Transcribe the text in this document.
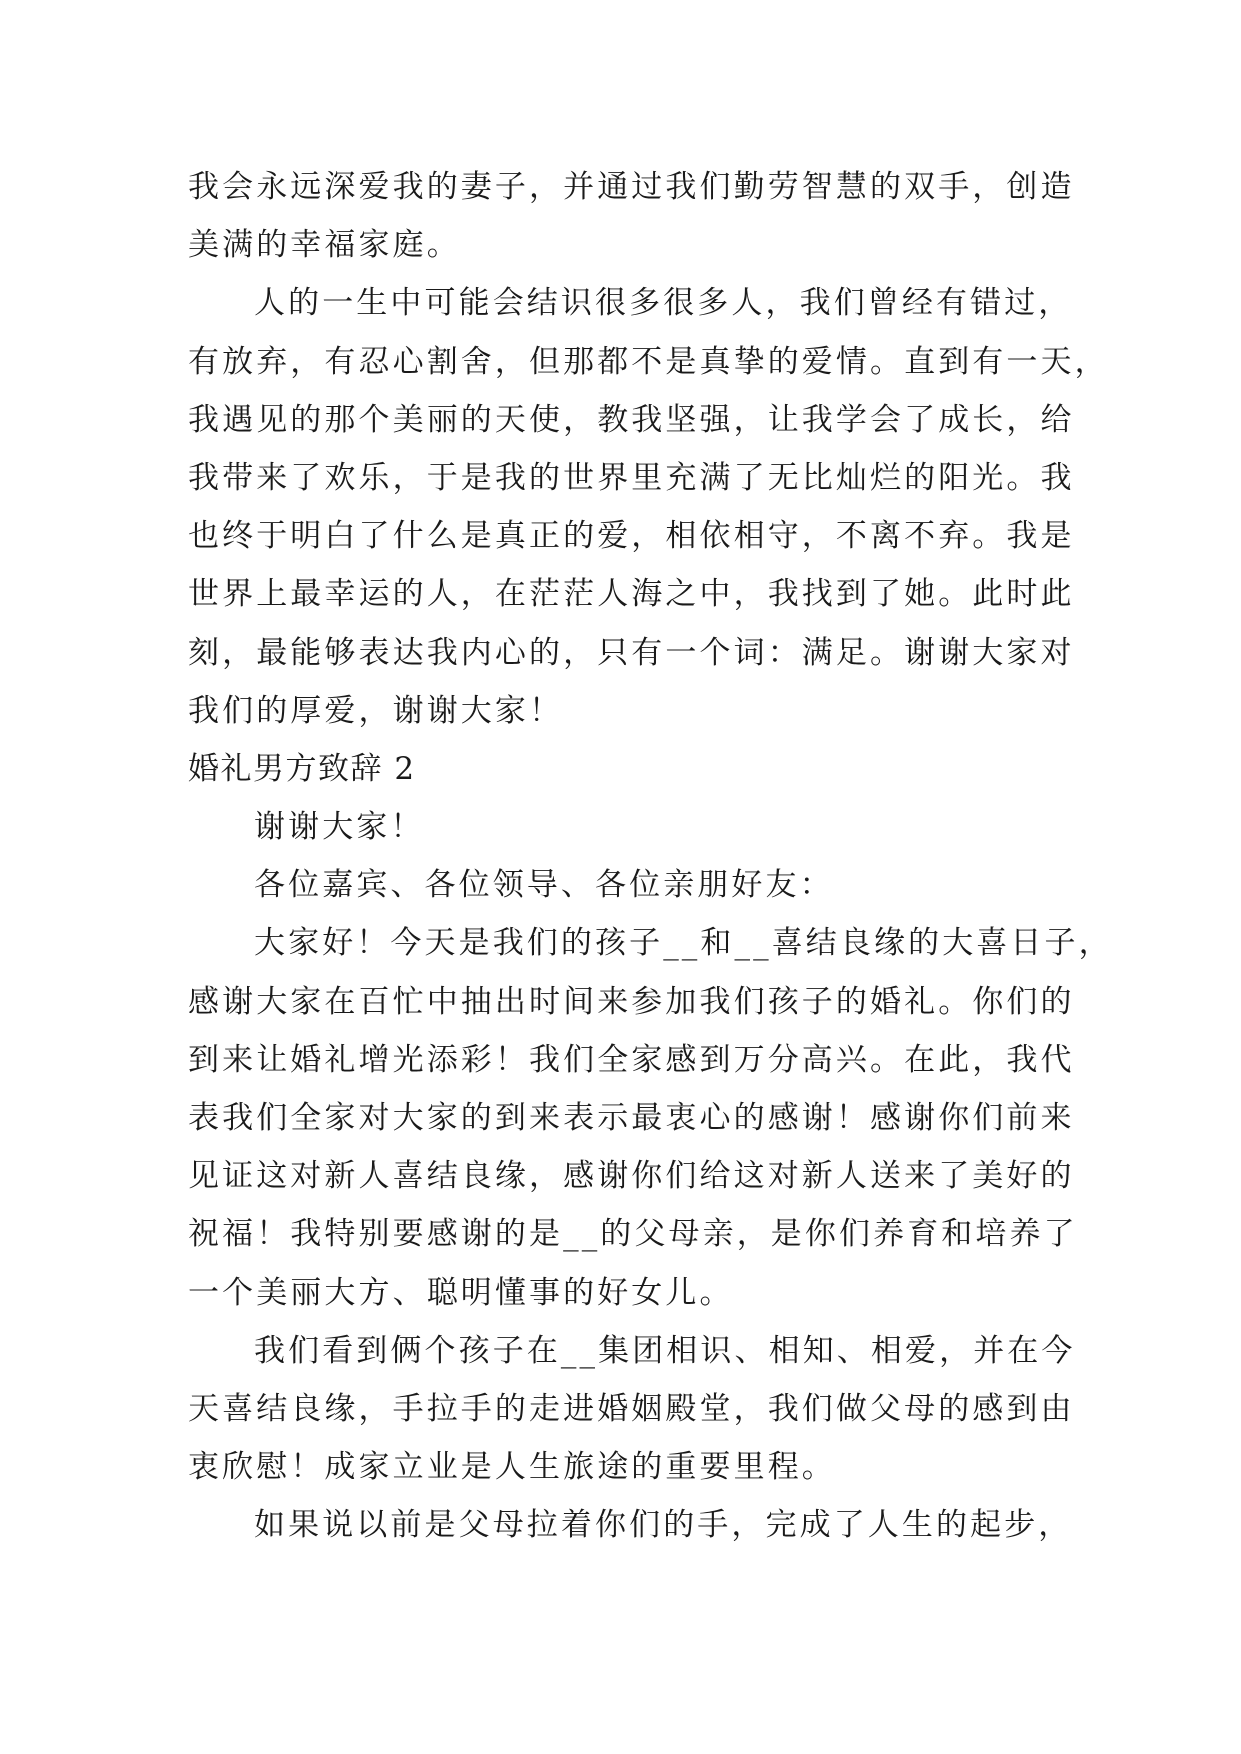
我会永远深爱我的妻子，并通过我们勤劳智慧的双手，创造
美满的幸福家庭。
人的一生中可能会结识很多很多人，我们曾经有错过，
有放弃，有忍心割舍，但那都不是真挚的爱情。直到有一天，
我遇见的那个美丽的天使，教我坚强，让我学会了成长，给
我带来了欢乐，于是我的世界里充满了无比灿烂的阳光。我
也终于明白了什么是真正的爱，相依相守，不离不弃。我是
世界上最幸运的人，在茫茫人海之中，我找到了她。此时此
刻，最能够表达我内心的，只有一个词：满足。谢谢大家对
我们的厚爱，谢谢大家！
婚礼男方致辞 2
谢谢大家！
各位嘉宾、各位领导、各位亲朋好友：
大家好！今天是我们的孩子__和__喜结良缘的大喜日子，
感谢大家在百忙中抽出时间来参加我们孩子的婚礼。你们的
到来让婚礼增光添彩！我们全家感到万分高兴。在此，我代
表我们全家对大家的到来表示最衷心的感谢！感谢你们前来
见证这对新人喜结良缘，感谢你们给这对新人送来了美好的
祝福！我特别要感谢的是__的父母亲，是你们养育和培养了
一个美丽大方、聪明懂事的好女儿。
我们看到俩个孩子在__集团相识、相知、相爱，并在今
天喜结良缘，手拉手的走进婚姻殿堂，我们做父母的感到由
衷欣慰！成家立业是人生旅途的重要里程。
如果说以前是父母拉着你们的手，完成了人生的起步，
